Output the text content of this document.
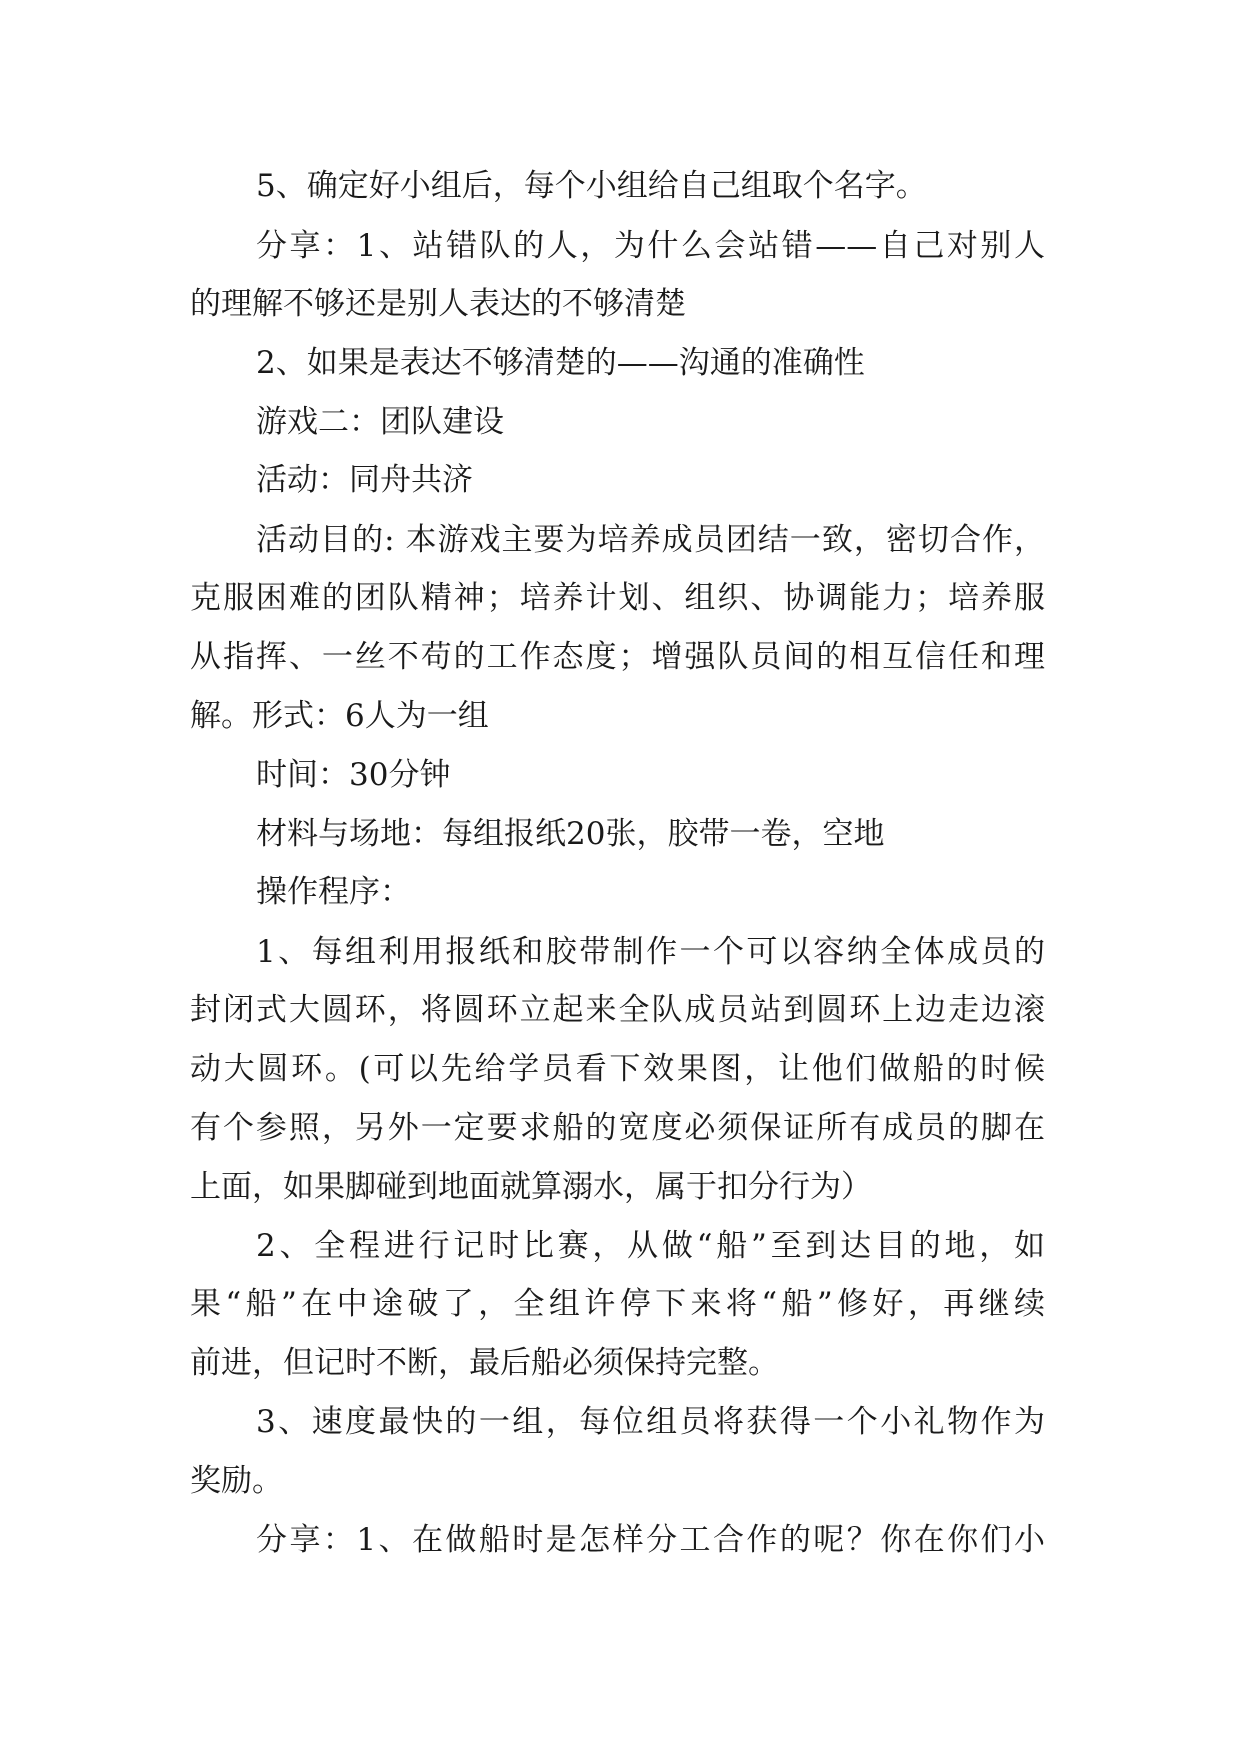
5、确定好小组后，每个小组给自己组取个名字。
分享：1、站错队的人，为什么会站错——自己对别人
的理解不够还是别人表达的不够清楚
2、如果是表达不够清楚的——沟通的准确性
游戏二：团队建设
活动：同舟共济
活动目的: 本游戏主要为培养成员团结一致，密切合作，
克服困难的团队精神；培养计划、组织、协调能力；培养服
从指挥、一丝不苟的工作态度；增强队员间的相互信任和理
解。形式：6人为一组
时间：30分钟
材料与场地：每组报纸20张，胶带一卷，空地
操作程序：
1、每组利用报纸和胶带制作一个可以容纳全体成员的
封闭式大圆环，将圆环立起来全队成员站到圆环上边走边滚
动大圆环。(可以先给学员看下效果图，让他们做船的时候
有个参照，另外一定要求船的宽度必须保证所有成员的脚在
上面，如果脚碰到地面就算溺水，属于扣分行为）
2、全程进行记时比赛，从做“船”至到达目的地，如
果“船”在中途破了，全组许停下来将“船”修好，再继续
前进，但记时不断，最后船必须保持完整。
3、速度最快的一组，每位组员将获得一个小礼物作为
奖励。
分享：1、在做船时是怎样分工合作的呢？你在你们小
